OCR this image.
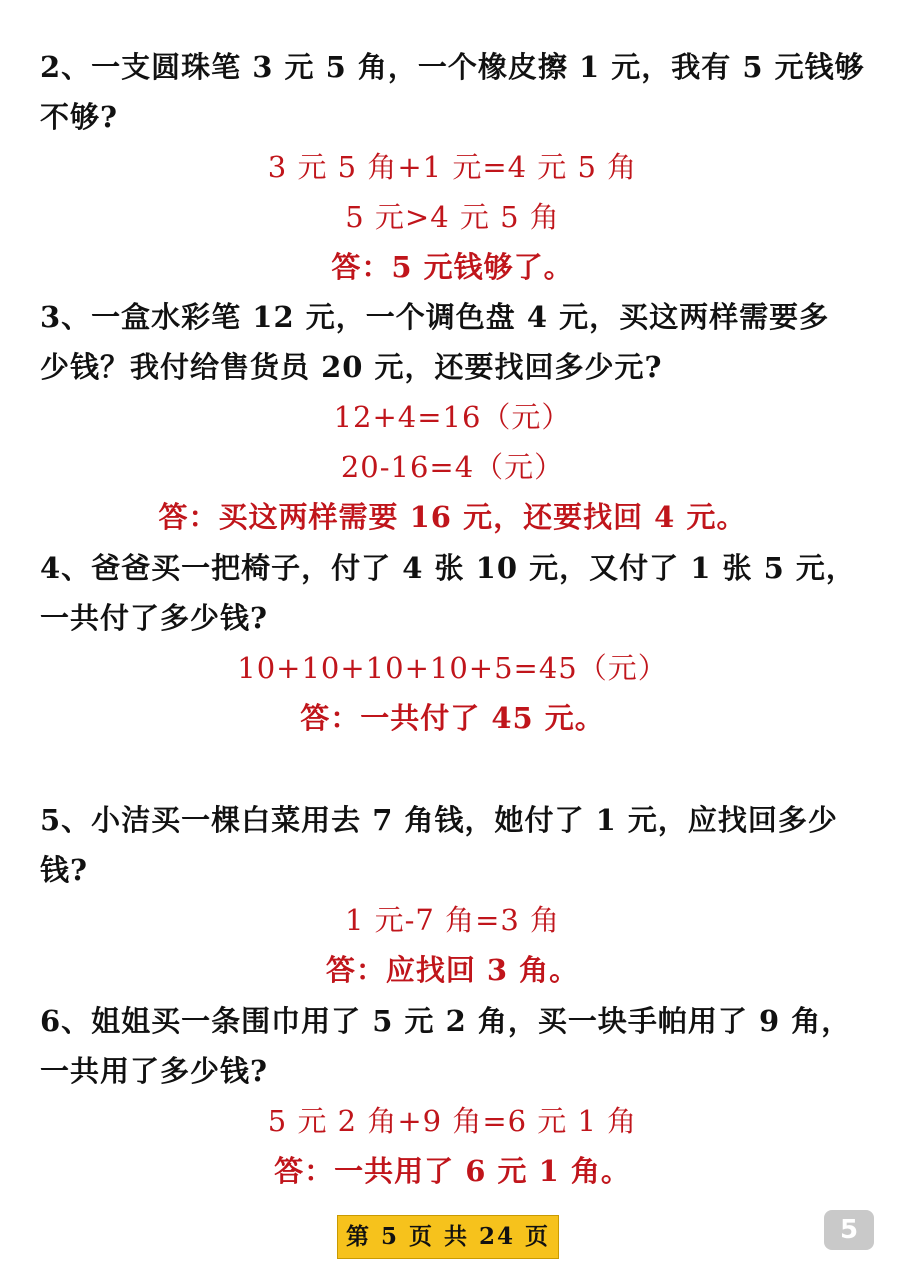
2、一支圆珠笔 3 元 5 角，一个橡皮擦 1 元，我有 5 元钱够
不够?
3 元 5 角+1 元=4 元 5 角
5 元>4 元 5 角
答：5 元钱够了。
3、一盒水彩笔 12 元，一个调色盘 4 元，买这两样需要多
少钱？我付给售货员 20 元，还要找回多少元?
12+4=16（元）
20-16=4（元）
答：买这两样需要 16 元，还要找回 4 元。
4、爸爸买一把椅子，付了 4 张 10 元，又付了 1 张 5 元，
一共付了多少钱?
10+10+10+10+5=45（元）
答：一共付了 45 元。
5、小洁买一棵白菜用去 7 角钱，她付了 1 元，应找回多少
钱?
1 元-7 角=3 角
答：应找回 3 角。
6、姐姐买一条围巾用了 5 元 2 角，买一块手帕用了 9 角，
一共用了多少钱?
5 元 2 角+9 角=6 元 1 角
答：一共用了 6 元 1 角。
第 5 页 共 24 页	5
